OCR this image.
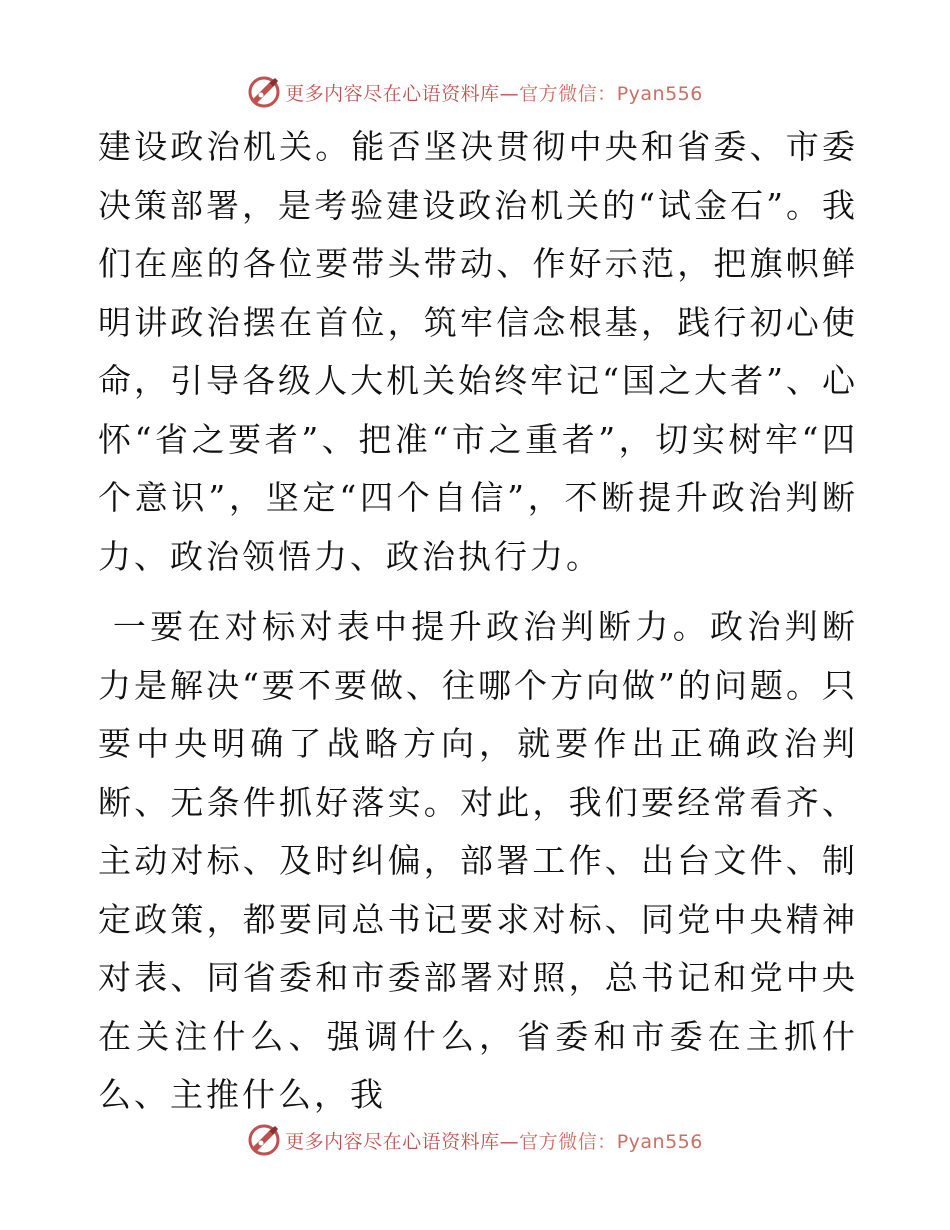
更多内容尽在心语资料库—官方微信：Pyan556

建设政治机关。能否坚决贯彻中央和省委、市委决策部署，是考验建设政治机关的“试金石”。我们在座的各位要带头带动、作好示范，把旗帜鲜明讲政治摆在首位，筑牢信念根基，践行初心使命，引导各级人大机关始终牢记“国之大者”、心怀“省之要者”、把准“市之重者”，切实树牢“四个意识”，坚定“四个自信”，不断提升政治判断力、政治领悟力、政治执行力。

一要在对标对表中提升政治判断力。政治判断力是解决“要不要做、往哪个方向做”的问题。只要中央明确了战略方向，就要作出正确政治判断、无条件抓好落实。对此，我们要经常看齐、主动对标、及时纠偏，部署工作、出台文件、制定政策，都要同总书记要求对标、同党中央精神对表、同省委和市委部署对照，总书记和党中央在关注什么、强调什么，省委和市委在主抓什么、主推什么，我

更多内容尽在心语资料库—官方微信：Pyan556
